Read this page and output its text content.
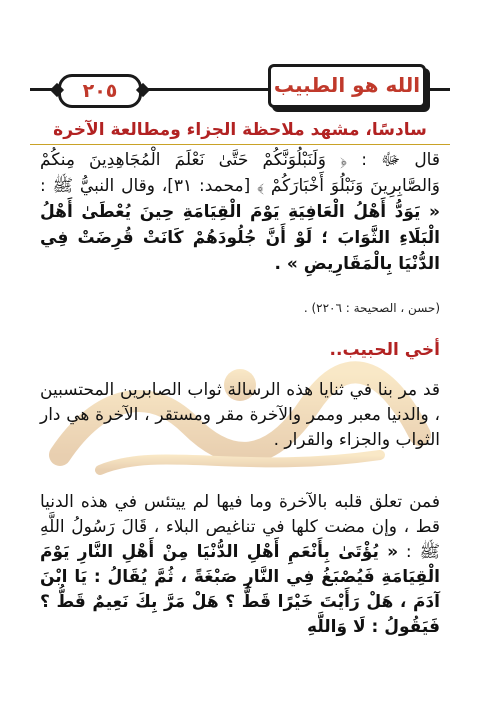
٢٠٥	الله هو الطبيب
سادسًا، مشهد ملاحظة الجزاء ومطالعة الآخرة
قال ﷻ : ﴿ وَلَنَبْلُوَنَّكُمْ حَتَّىٰ نَعْلَمَ الْمُجَاهِدِينَ مِنكُمْ وَالصَّابِرِينَ وَنَبْلُوَ أَخْبَارَكُمْ ﴾ [محمد: ٣١]، وقال النبيُّ ﷺ : « يَوَدُّ أَهْلُ الْعَافِيَةِ يَوْمَ الْقِيَامَةِ حِينَ يُعْطَىٰ أَهْلُ الْبَلَاءِ الثَّوَابَ ؛ لَوْ أَنَّ جُلُودَهُمْ كَانَتْ قُرِضَتْ فِي الدُّنْيَا بِالْمَقَارِيضِ » .
(حسن ، الصحيحة : ٢٢٠٦) .
أخي الحبيب..
قد مر بنا في ثنايا هذه الرسالة ثواب الصابرين المحتسبين ، والدنيا معبر وممر والآخرة مقر ومستقر ، الآخرة هي دار الثواب والجزاء والقرار .
فمن تعلق قلبه بالآخرة وما فيها لم ييتئس في هذه الدنيا قط ، وإن مضت كلها في تناغيص البلاء ، قَالَ رَسُولُ اللَّهِ ﷺ : « يُؤْتَىٰ بِأَنْعَمِ أَهْلِ الدُّنْيَا مِنْ أَهْلِ النَّارِ يَوْمَ الْقِيَامَةِ فَيُصْبَغُ فِي النَّارِ صَبْغَةً ، ثُمَّ يُقَالُ : يَا ابْنَ آدَمَ ، هَلْ رَأَيْتَ خَيْرًا قَطُّ ؟ هَلْ مَرَّ بِكَ نَعِيمٌ قَطُّ ؟ فَيَقُولُ : لَا وَاللَّهِ
